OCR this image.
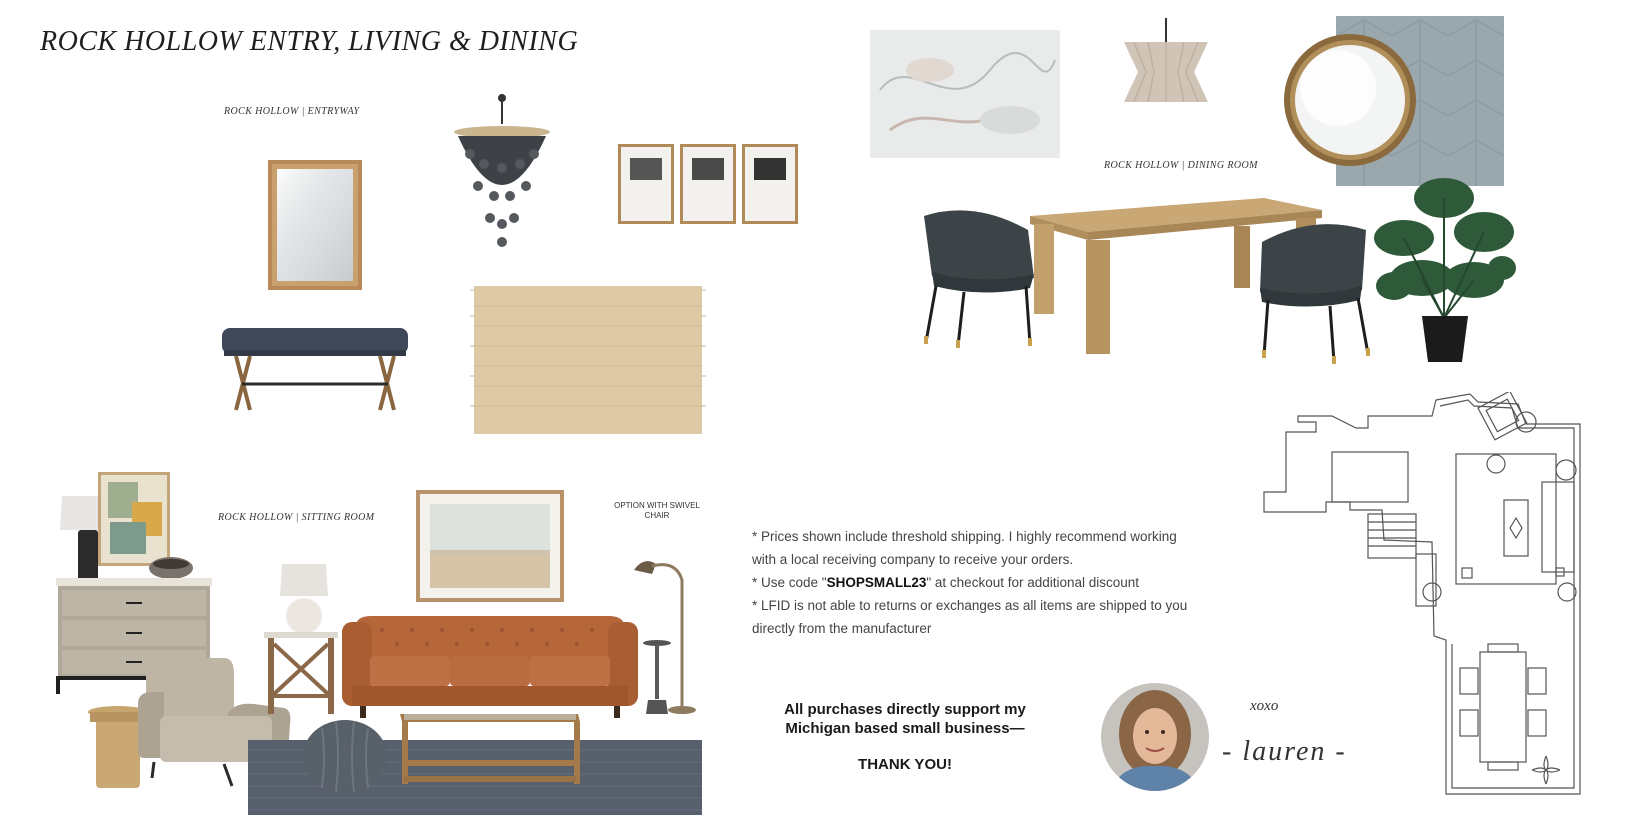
ROCK HOLLOW ENTRY, LIVING & DINING
ROCK HOLLOW | ENTRYWAY
ROCK HOLLOW | DINING ROOM
ROCK HOLLOW | SITTING ROOM
OPTION WITH SWIVEL CHAIR

* Prices shown include threshold shipping. I highly recommend working with a local receiving company to receive your orders.

* Use code "SHOPSMALL23" at checkout for additional discount

* LFID is not able to returns or exchanges as all items are shipped to you directly from the manufacturer

All purchases directly support my Michigan based small business—
THANK YOU!
xoxo
- lauren -
